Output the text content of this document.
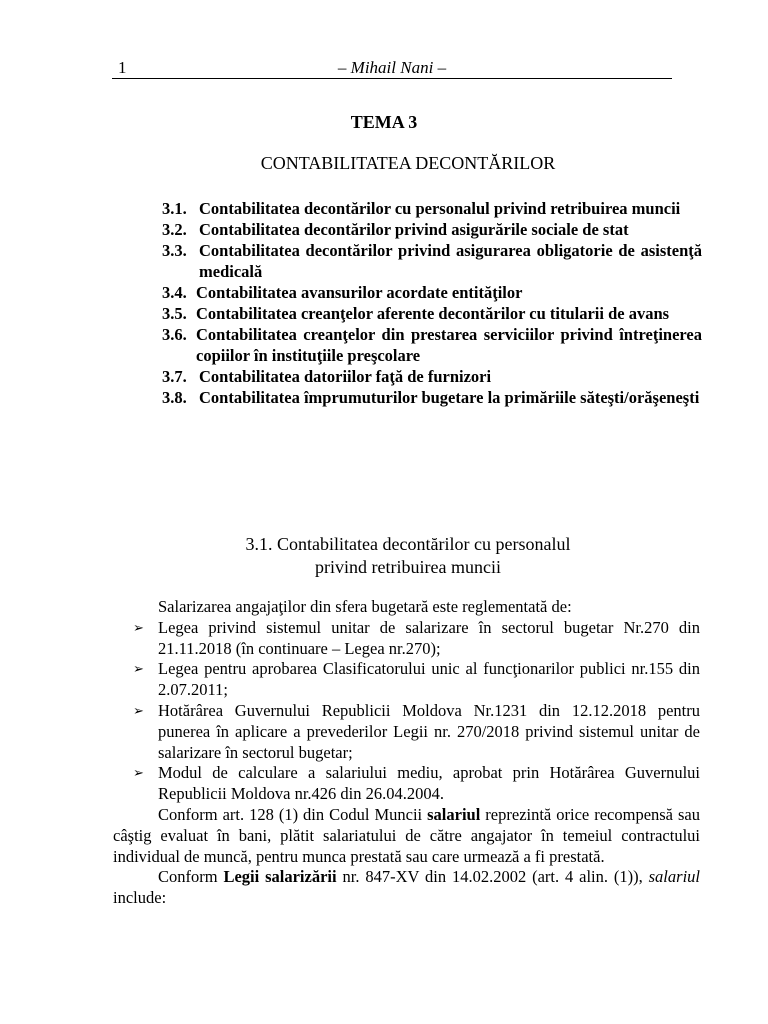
1	– Mihail Nani –
TEMA 3
CONTABILITATEA DECONTĂRILOR
3.1. Contabilitatea decontărilor cu personalul privind retribuirea muncii
3.2. Contabilitatea decontărilor privind asigurările sociale de stat
3.3. Contabilitatea decontărilor privind asigurarea obligatorie de asistenţă medicală
3.4. Contabilitatea avansurilor acordate entităţilor
3.5. Contabilitatea creanţelor aferente decontărilor cu titularii de avans
3.6. Contabilitatea creanţelor din prestarea serviciilor privind întreţinerea copiilor în instituţiile preşcolare
3.7. Contabilitatea datoriilor faţă de furnizori
3.8. Contabilitatea împrumuturilor bugetare la primăriile săteşti/orăşeneşti
3.1. Contabilitatea decontărilor cu personalul
privind retribuirea muncii

Salarizarea angajaţilor din sfera bugetară este reglementată de:

➢ Legea privind sistemul unitar de salarizare în sectorul bugetar Nr.270 din 21.11.2018 (în continuare – Legea nr.270);

➢ Legea pentru aprobarea Clasificatorului unic al funcţionarilor publici nr.155 din 2.07.2011;

➢ Hotărârea Guvernului Republicii Moldova Nr.1231 din 12.12.2018 pentru punerea în aplicare a prevederilor Legii nr. 270/2018 privind sistemul unitar de salarizare în sectorul bugetar;

➢ Modul de calculare a salariului mediu, aprobat prin Hotărârea Guvernului Republicii Moldova nr.426 din 26.04.2004.

Conform art. 128 (1) din Codul Muncii salariul reprezintă orice recompensă sau câştig evaluat în bani, plătit salariatului de către angajator în temeiul contractului individual de muncă, pentru munca prestată sau care urmează a fi prestată.

Conform Legii salarizării nr. 847-XV din 14.02.2002 (art. 4 alin. (1)), salariul include:
